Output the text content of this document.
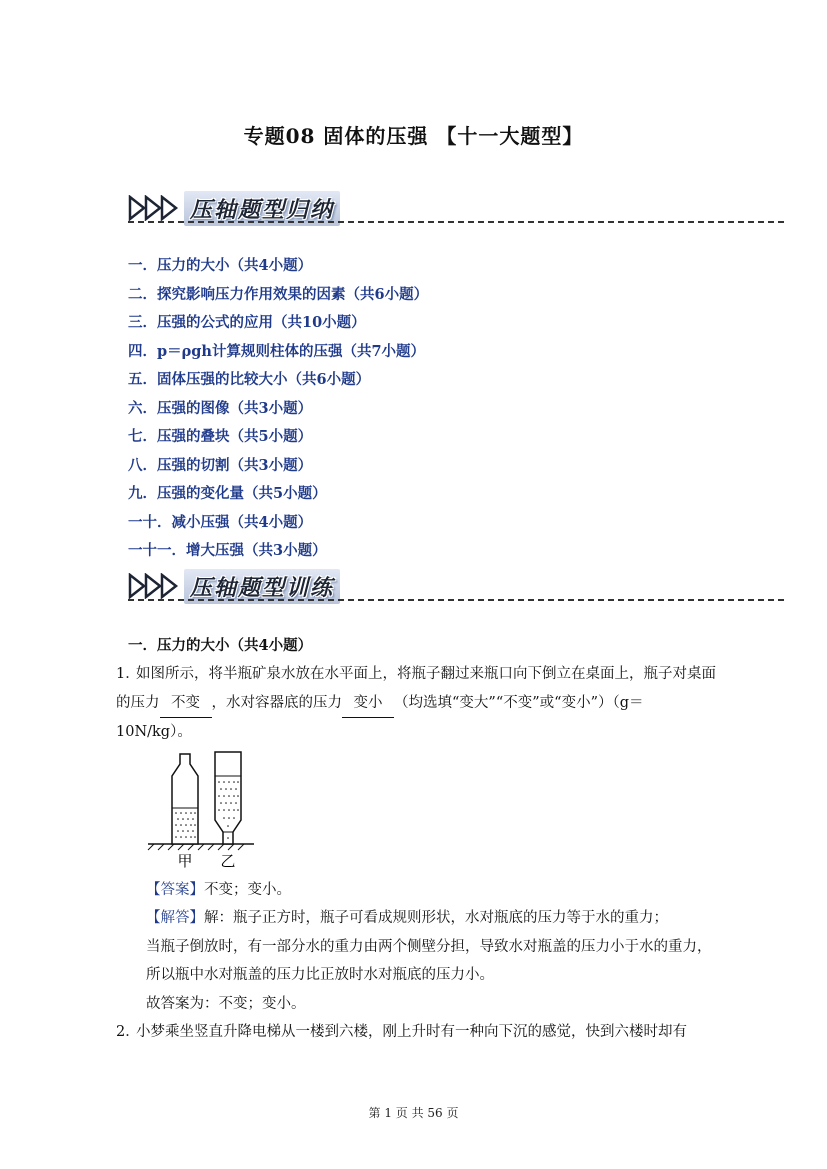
专题08 固体的压强 【十一大题型】
压轴题型归纳
一．压力的大小（共4小题）
二．探究影响压力作用效果的因素（共6小题）
三．压强的公式的应用（共10小题）
四．p＝ρgh计算规则柱体的压强（共7小题）
五．固体压强的比较大小（共6小题）
六．压强的图像（共3小题）
七．压强的叠块（共5小题）
八．压强的切割（共3小题）
九．压强的变化量（共5小题）
一十．减小压强（共4小题）
一十一．增大压强（共3小题）
压轴题型训练
一．压力的大小（共4小题）
1．如图所示，将半瓶矿泉水放在水平面上，将瓶子翻过来瓶口向下倒立在桌面上，瓶子对桌面的压力 不变 ，水对容器底的压力 变小 （均选填“变大”“不变”或“变小”）（g＝10N/kg）。
甲 乙
【答案】不变；变小。
【解答】解：瓶子正方时，瓶子可看成规则形状，水对瓶底的压力等于水的重力；
当瓶子倒放时，有一部分水的重力由两个侧壁分担，导致水对瓶盖的压力小于水的重力，
所以瓶中水对瓶盖的压力比正放时水对瓶底的压力小。
故答案为：不变；变小。
2．小梦乘坐竖直升降电梯从一楼到六楼，刚上升时有一种向下沉的感觉，快到六楼时却有
第 1 页 共 56 页
